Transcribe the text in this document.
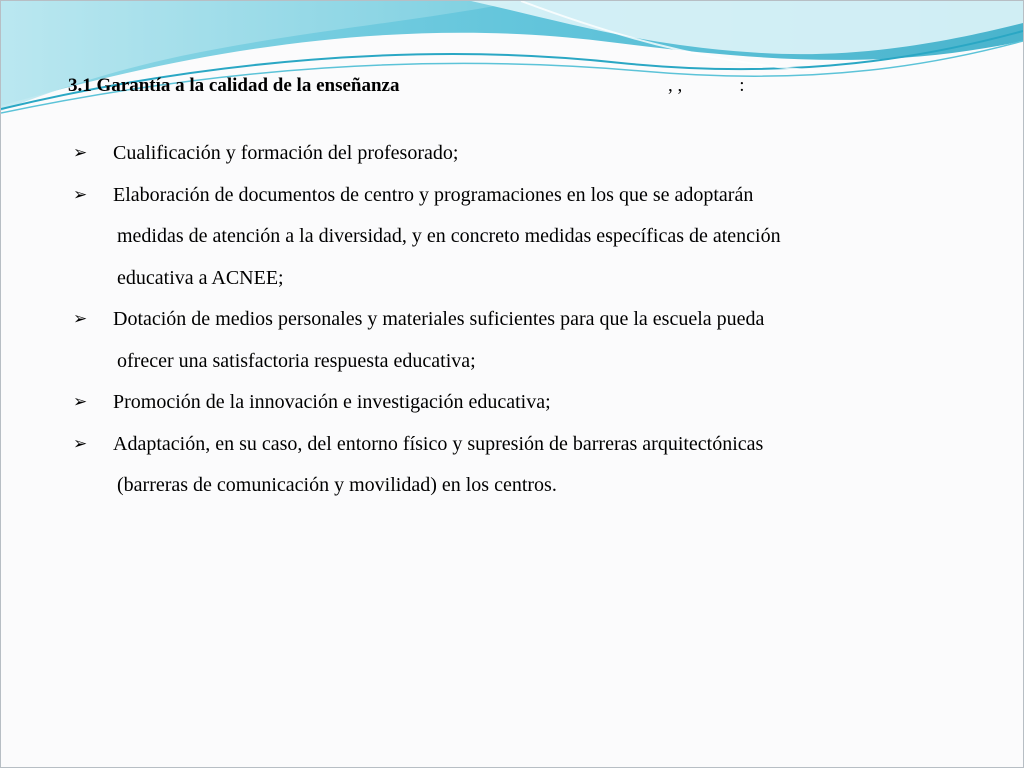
3.1 Garantía a la calidad de la enseñanza	, ,            :
➢ Cualificación y formación del profesorado;
➢ Elaboración de documentos de centro y programaciones en los que se adoptarán
medidas de atención a la diversidad, y en concreto medidas específicas de atención
educativa a ACNEE;
➢ Dotación de medios personales y materiales suficientes para que la escuela pueda
ofrecer una satisfactoria respuesta educativa;
➢ Promoción de la innovación e investigación educativa;
➢ Adaptación, en su caso, del entorno físico y supresión de barreras arquitectónicas
(barreras de comunicación y movilidad) en los centros.
